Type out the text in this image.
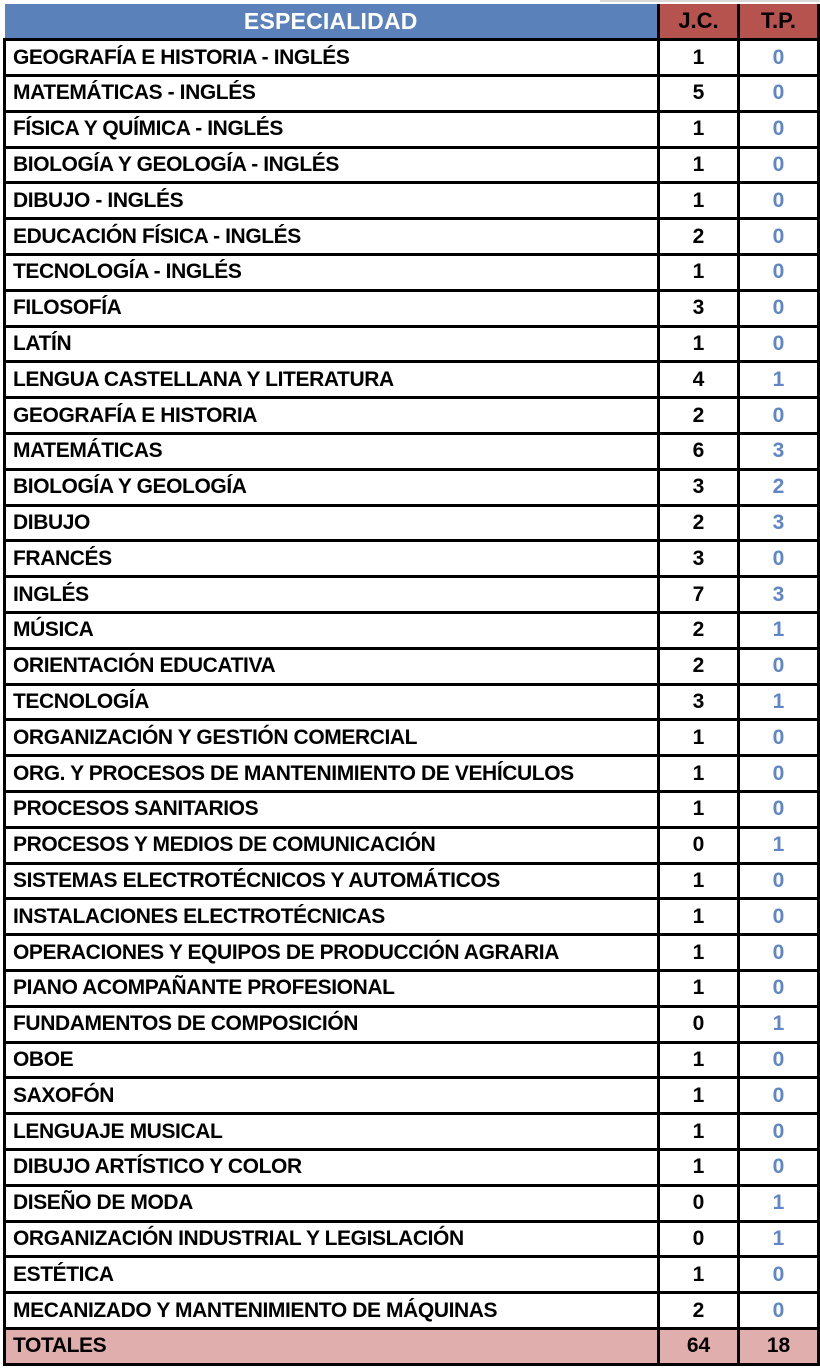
ESPECIALIDAD	J.C.	T.P.
GEOGRAFÍA E HISTORIA - INGLÉS	1	0
MATEMÁTICAS - INGLÉS	5	0
FÍSICA Y QUÍMICA - INGLÉS	1	0
BIOLOGÍA Y GEOLOGÍA - INGLÉS	1	0
DIBUJO - INGLÉS	1	0
EDUCACIÓN FÍSICA - INGLÉS	2	0
TECNOLOGÍA - INGLÉS	1	0
FILOSOFÍA	3	0
LATÍN	1	0
LENGUA CASTELLANA Y LITERATURA	4	1
GEOGRAFÍA E HISTORIA	2	0
MATEMÁTICAS	6	3
BIOLOGÍA Y GEOLOGÍA	3	2
DIBUJO	2	3
FRANCÉS	3	0
INGLÉS	7	3
MÚSICA	2	1
ORIENTACIÓN EDUCATIVA	2	0
TECNOLOGÍA	3	1
ORGANIZACIÓN Y GESTIÓN COMERCIAL	1	0
ORG. Y PROCESOS DE MANTENIMIENTO DE VEHÍCULOS	1	0
PROCESOS SANITARIOS	1	0
PROCESOS Y MEDIOS DE COMUNICACIÓN	0	1
SISTEMAS ELECTROTÉCNICOS Y AUTOMÁTICOS	1	0
INSTALACIONES ELECTROTÉCNICAS	1	0
OPERACIONES Y EQUIPOS DE PRODUCCIÓN AGRARIA	1	0
PIANO ACOMPAÑANTE PROFESIONAL	1	0
FUNDAMENTOS DE COMPOSICIÓN	0	1
OBOE	1	0
SAXOFÓN	1	0
LENGUAJE MUSICAL	1	0
DIBUJO ARTÍSTICO Y COLOR	1	0
DISEÑO DE MODA	0	1
ORGANIZACIÓN INDUSTRIAL Y LEGISLACIÓN	0	1
ESTÉTICA	1	0
MECANIZADO Y MANTENIMIENTO DE MÁQUINAS	2	0
TOTALES	64	18
